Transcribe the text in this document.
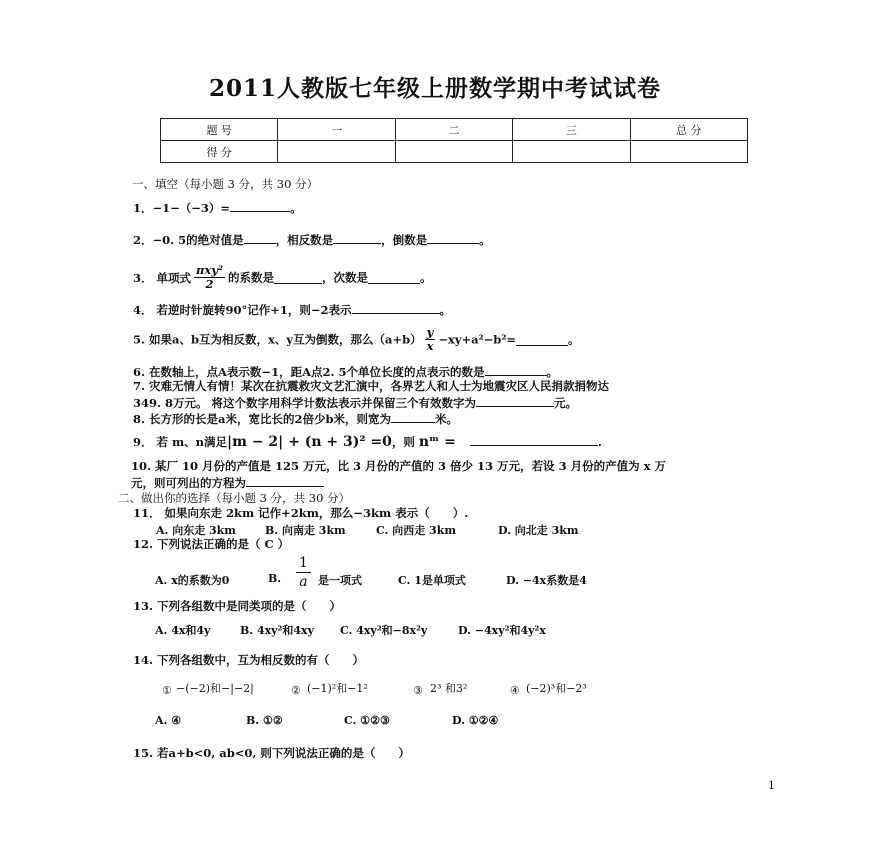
2011人教版七年级上册数学期中考试试卷
题 号	一	二	三	总 分
得 分				
一、填空（每小题 3 分，共 30 分）
1．−1−（−3）=	。
2．−0. 5的绝对值是	，相反数是	，倒数是	。
3． 单项式 $\frac{\text{πxy²}}{2}$ 的系数是	，次数是	。
4． 若逆时针旋转90°记作+1，则−2表示	。
5. 如果a、b互为相反数，x、y互为倒数，那么$(a+b) \frac{y}{x} -xy+a^2-b^2=$	。
6. 在数轴上，点A表示数−1，距A点2. 5个单位长度的点表示的数是	。
7. 灾难无情人有情！某次在抗震救灾文艺汇演中，各界艺人和人士为地震灾区人民捐款捐物达
349. 8万元。 将这个数字用科学计数法表示并保留三个有效数字为	元。
8. 长方形的长是a米，宽比长的2倍少b米，则宽为	米。
9． 若 m、n满足|m − 2| + (n + 3)² =0，则 nᵐ =	.
10. 某厂 10 月份的产值是 125 万元，比 3 月份的产值的 3 倍少 13 万元，若设 3 月份的产值为 x 万
元，则可列出的方程为
二、做出你的选择（每小题 3 分，共 30 分）
11． 如果向东走 2km 记作+2km，那么−3km 表示（　　）.
A. 向东走 3km	B. 向南走 3km	C. 向西走 3km	D. 向北走 3km
12. 下列说法正确的是（ C ）
A. x的系数为0	B. $\frac{1}{a}$ 是一项式	C. 1是单项式	D. −4x系数是4
13. 下列各组数中是同类项的是（　　）
A. 4x和4y	B. 4xy²和4xy C. 4xy²和−8x²y	D. −4xy²和4y²x
14. 下列各组数中，互为相反数的有（　　）
① −(−2)和−|−2|	② (−1)²和−1²	③ 2³ 和3²	④ (−2)³和−2³
A. ④	B. ①②	C. ①②③	D. ①②④
15. 若a+b<0, ab<0, 则下列说法正确的是（　　）
1
